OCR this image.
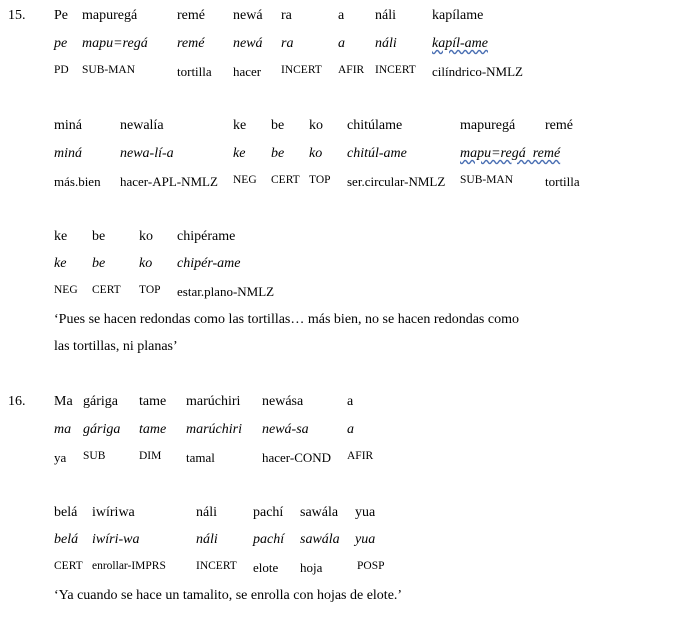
15. Pe mapuregá	remé newá ra	a náli	kapílame
pe mapu=regá remé newá ra	a náli	kapíl-ame
PD SUB-MAN	tortilla hacer INCERT AFIR INCERT cilíndrico-NMLZ
miná	newalía	ke be ko chitúlame	mapuregá remé
miná	newa-lí-a	ke be ko chitúl-ame	mapu=regá  remé
más.bien hacer-APL-NMLZ NEG CERT TOP ser.circular-NMLZ SUB-MAN tortilla
ke be ko chipérame
ke be ko chipér-ame
NEG CERT TOP estar.plano-NMLZ
‘Pues se hacen redondas como las tortillas… más bien, no se hacen redondas como
las tortillas, ni planas’
16. Ma gáriga tame marúchiri newása	a
ma gáriga tame marúchiri newá-sa	a
ya SUB	DIM tamal	hacer-COND AFIR
belá iwíriwa	náli	pachí sawála yua
belá iwíri-wa	náli	pachí sawála yua
CERT enrollar-IMPRS	INCERT elote hoja	POSP
‘Ya cuando se hace un tamalito, se enrolla con hojas de elote.’
